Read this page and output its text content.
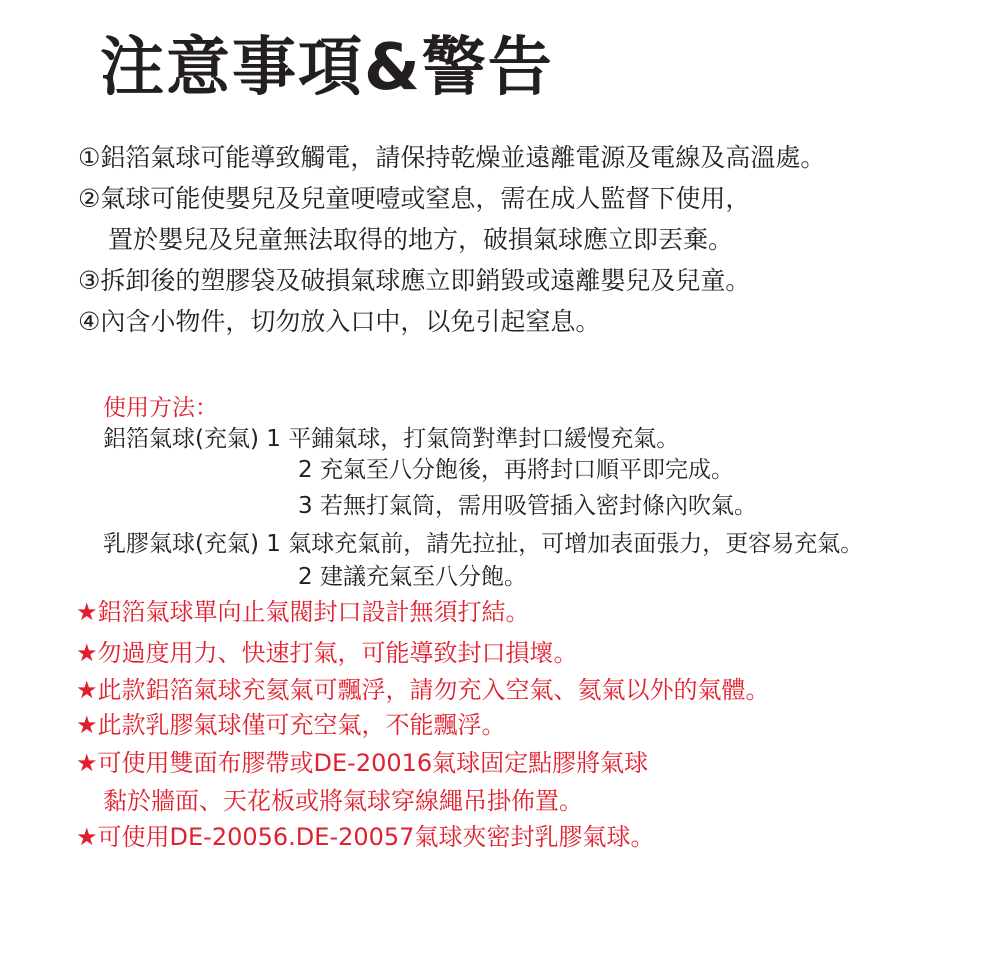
注意事項&警告
①鋁箔氣球可能導致觸電，請保持乾燥並遠離電源及電線及高溫處。
②氣球可能使嬰兒及兒童哽噎或窒息，需在成人監督下使用，
置於嬰兒及兒童無法取得的地方，破損氣球應立即丟棄。
③拆卸後的塑膠袋及破損氣球應立即銷毀或遠離嬰兒及兒童。
④內含小物件，切勿放入口中，以免引起窒息。
使用方法：
鋁箔氣球(充氣) 1 平鋪氣球，打氣筒對準封口緩慢充氣。
2 充氣至八分飽後，再將封口順平即完成。
3 若無打氣筒，需用吸管插入密封條內吹氣。
乳膠氣球(充氣) 1 氣球充氣前，請先拉扯，可增加表面張力，更容易充氣。
2 建議充氣至八分飽。
★鋁箔氣球單向止氣閥封口設計無須打結。
★勿過度用力、快速打氣，可能導致封口損壞。
★此款鋁箔氣球充氦氣可飄浮，請勿充入空氣、氦氣以外的氣體。
★此款乳膠氣球僅可充空氣，不能飄浮。
★可使用雙面布膠帶或DE-20016氣球固定點膠將氣球
黏於牆面、天花板或將氣球穿線繩吊掛佈置。
★可使用DE-20056.DE-20057氣球夾密封乳膠氣球。
